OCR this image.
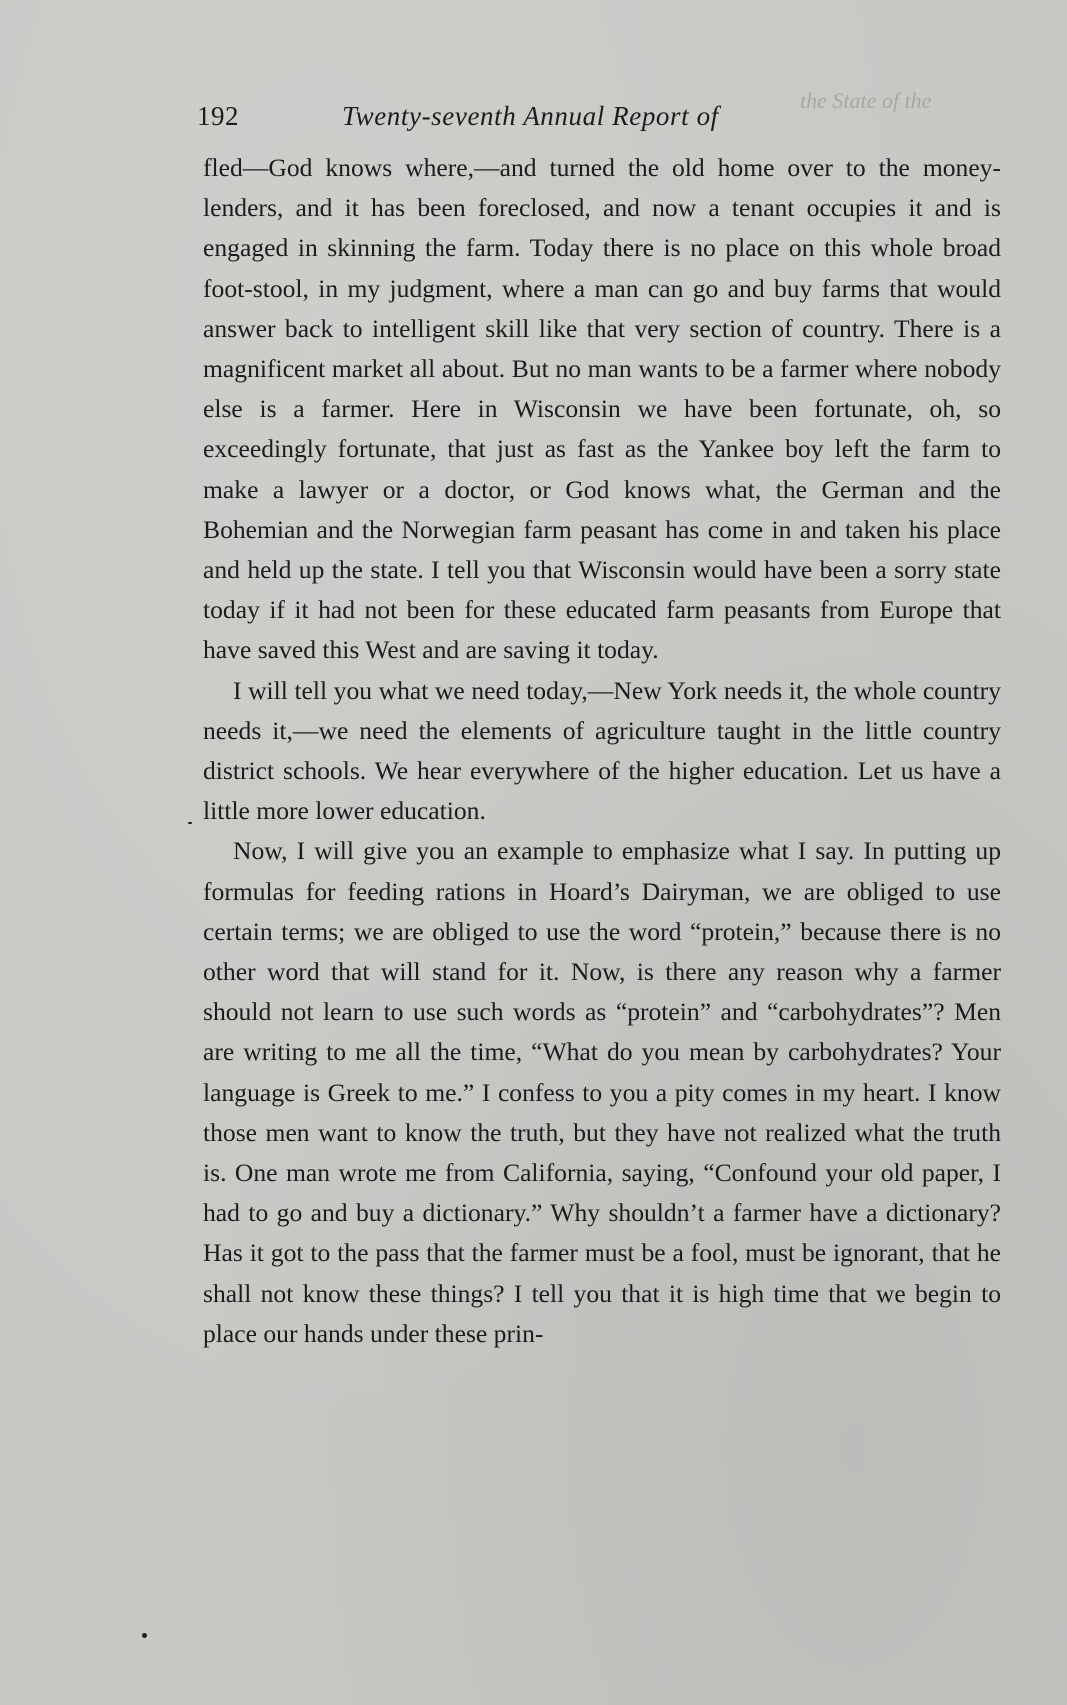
192	Twenty-seventh Annual Report of
the State of the

fled—God knows where,—and turned the old home over to the money-lenders, and it has been foreclosed, and now a tenant occupies it and is engaged in skinning the farm. Today there is no place on this whole broad foot-stool, in my judgment, where a man can go and buy farms that would answer back to intelligent skill like that very section of country. There is a magnificent market all about. But no man wants to be a farmer where nobody else is a farmer. Here in Wisconsin we have been fortunate, oh, so exceedingly fortunate, that just as fast as the Yankee boy left the farm to make a lawyer or a doctor, or God knows what, the German and the Bohemian and the Norwegian farm peasant has come in and taken his place and held up the state. I tell you that Wisconsin would have been a sorry state today if it had not been for these educated farm peasants from Europe that have saved this West and are saving it today.

I will tell you what we need today,—New York needs it, the whole country needs it,—we need the elements of agriculture taught in the little country district schools. We hear everywhere of the higher education. Let us have a little more lower education.

Now, I will give you an example to emphasize what I say. In putting up formulas for feeding rations in Hoard’s Dairyman, we are obliged to use certain terms; we are obliged to use the word “protein,” because there is no other word that will stand for it. Now, is there any reason why a farmer should not learn to use such words as “protein” and “carbohydrates”? Men are writing to me all the time, “What do you mean by carbohydrates? Your language is Greek to me.” I confess to you a pity comes in my heart. I know those men want to know the truth, but they have not realized what the truth is. One man wrote me from California, saying, “Confound your old paper, I had to go and buy a dictionary.” Why shouldn’t a farmer have a dictionary? Has it got to the pass that the farmer must be a fool, must be ignorant, that he shall not know these things? I tell you that it is high time that we begin to place our hands under these prin-
